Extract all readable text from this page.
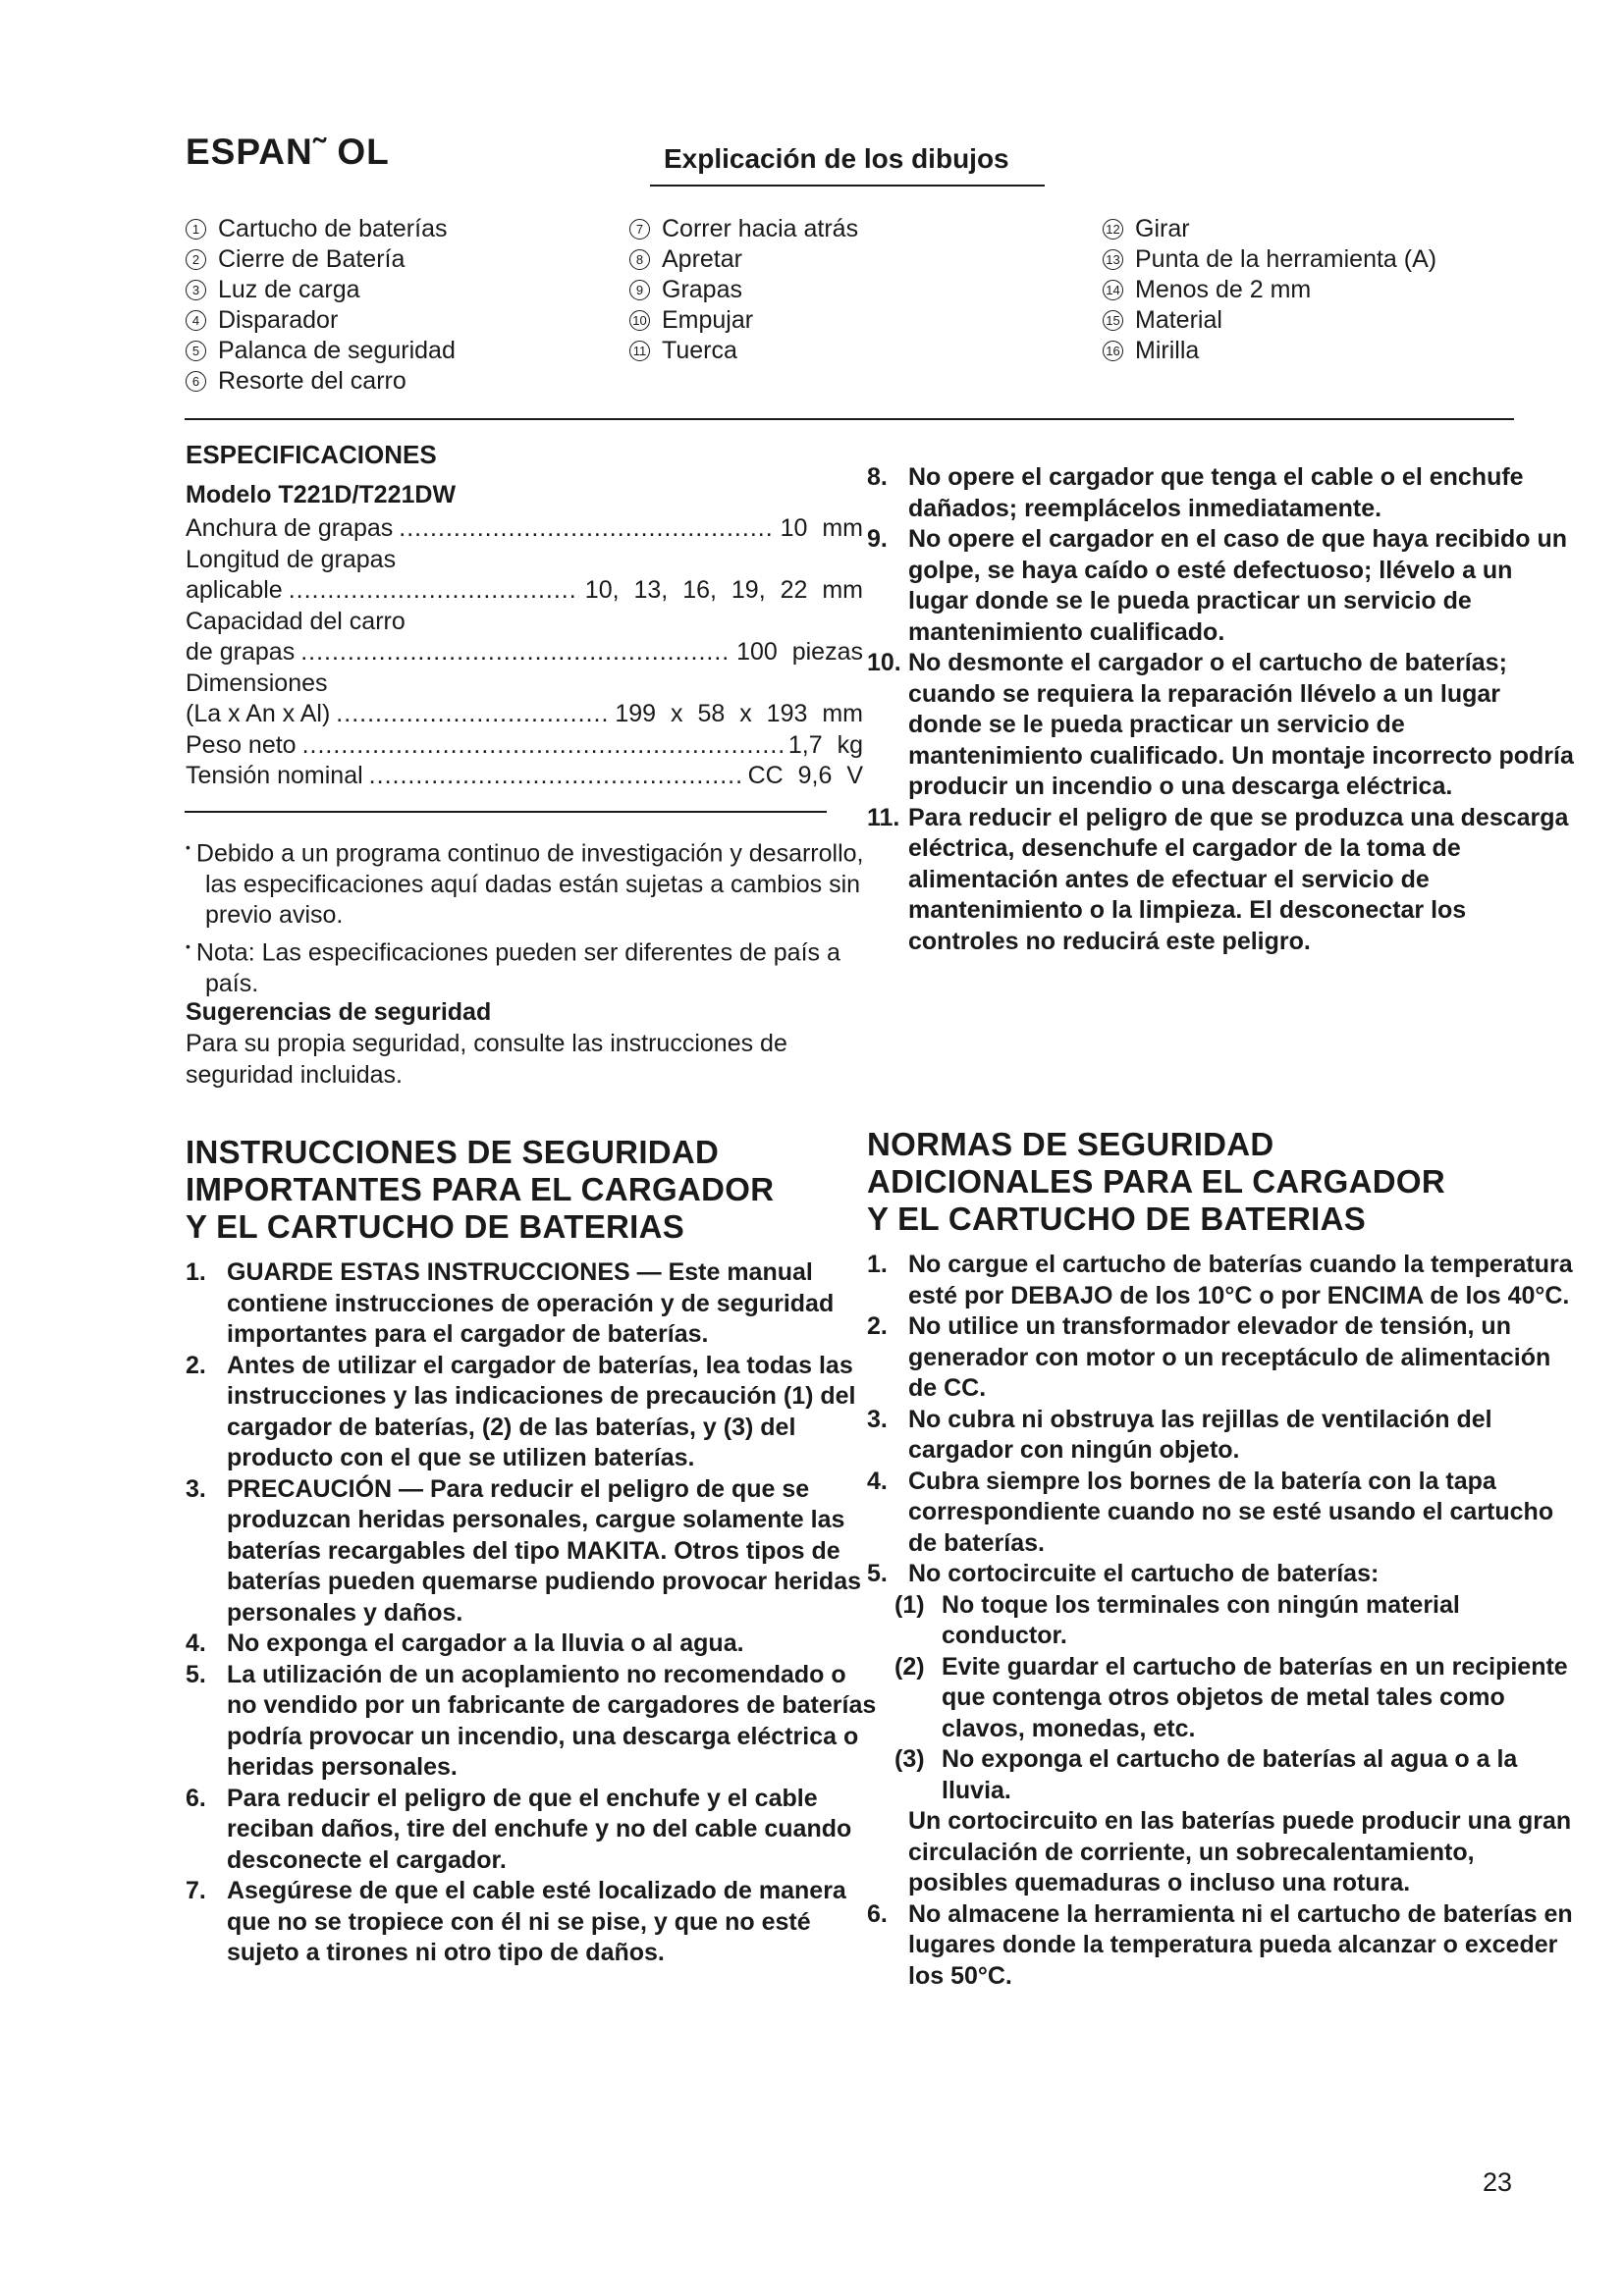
ESPAN˜ OL	Explicación de los dibujos
1 Cartucho de baterías
2 Cierre de Batería
3 Luz de carga
4 Disparador
5 Palanca de seguridad
6 Resorte del carro
7 Correr hacia atrás
8 Apretar
9 Grapas
10 Empujar
11 Tuerca
12 Girar
13 Punta de la herramienta (A)
14 Menos de 2 mm
15 Material
16 Mirilla
ESPECIFICACIONES
Modelo T221D/T221DW
Anchura de grapas .....	10 mm
Longitud de grapas
aplicable .....	10, 13, 16, 19, 22 mm
Capacidad del carro
de grapas .....	100 piezas
Dimensiones
(La x An x Al) .....	199 x 58 x 193 mm
Peso neto .....	1,7 kg
Tensión nominal .....	CC 9,6 V
• Debido a un programa continuo de investigación y desarrollo, las especificaciones aquí dadas están sujetas a cambios sin previo aviso.
• Nota: Las especificaciones pueden ser diferentes de país a país.
Sugerencias de seguridad
Para su propia seguridad, consulte las instrucciones de seguridad incluidas.
INSTRUCCIONES DE SEGURIDAD
IMPORTANTES PARA EL CARGADOR
Y EL CARTUCHO DE BATERIAS
1. GUARDE ESTAS INSTRUCCIONES — Este manual contiene instrucciones de operación y de seguridad importantes para el cargador de baterías.
2. Antes de utilizar el cargador de baterías, lea todas las instrucciones y las indicaciones de precaución (1) del cargador de baterías, (2) de las baterías, y (3) del producto con el que se utilizen baterías.
3. PRECAUCIÓN — Para reducir el peligro de que se produzcan heridas personales, cargue solamente las baterías recargables del tipo MAKITA. Otros tipos de baterías pueden quemarse pudiendo provocar heridas personales y daños.
4. No exponga el cargador a la lluvia o al agua.
5. La utilización de un acoplamiento no recomendado o no vendido por un fabricante de cargadores de baterías podría provocar un incendio, una descarga eléctrica o heridas personales.
6. Para reducir el peligro de que el enchufe y el cable reciban daños, tire del enchufe y no del cable cuando desconecte el cargador.
7. Asegúrese de que el cable esté localizado de manera que no se tropiece con él ni se pise, y que no esté sujeto a tirones ni otro tipo de daños.
8. No opere el cargador que tenga el cable o el enchufe dañados; reemplácelos inmediatamente.
9. No opere el cargador en el caso de que haya recibido un golpe, se haya caído o esté defectuoso; llévelo a un lugar donde se le pueda practicar un servicio de mantenimiento cualificado.
10. No desmonte el cargador o el cartucho de baterías; cuando se requiera la reparación llévelo a un lugar donde se le pueda practicar un servicio de mantenimiento cualificado. Un montaje incorrecto podría producir un incendio o una descarga eléctrica.
11. Para reducir el peligro de que se produzca una descarga eléctrica, desenchufe el cargador de la toma de alimentación antes de efectuar el servicio de mantenimiento o la limpieza. El desconectar los controles no reducirá este peligro.
NORMAS DE SEGURIDAD
ADICIONALES PARA EL CARGADOR
Y EL CARTUCHO DE BATERIAS
1. No cargue el cartucho de baterías cuando la temperatura esté por DEBAJO de los 10°C o por ENCIMA de los 40°C.
2. No utilice un transformador elevador de tensión, un generador con motor o un receptáculo de alimentación de CC.
3. No cubra ni obstruya las rejillas de ventilación del cargador con ningún objeto.
4. Cubra siempre los bornes de la batería con la tapa correspondiente cuando no se esté usando el cartucho de baterías.
5. No cortocircuite el cartucho de baterías:
(1) No toque los terminales con ningún material conductor.
(2) Evite guardar el cartucho de baterías en un recipiente que contenga otros objetos de metal tales como clavos, monedas, etc.
(3) No exponga el cartucho de baterías al agua o a la lluvia.
Un cortocircuito en las baterías puede producir una gran circulación de corriente, un sobrecalentamiento, posibles quemaduras o incluso una rotura.
6. No almacene la herramienta ni el cartucho de baterías en lugares donde la temperatura pueda alcanzar o exceder los 50°C.
23
